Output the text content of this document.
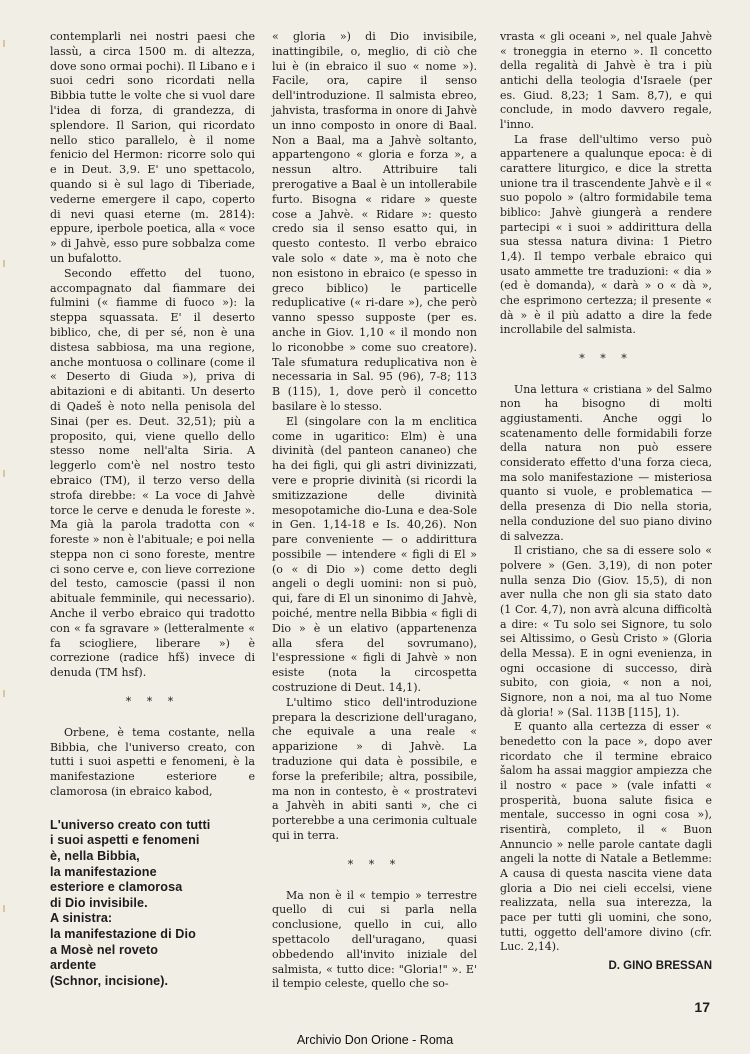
contemplarli nei nostri paesi che lassù, a circa 1500 m. di altezza, dove sono ormai pochi). Il Libano e i suoi cedri sono ricordati nella Bibbia tutte le volte che si vuol dare l'idea di forza, di grandezza, di splendore. Il Sarion, qui ricordato nello stico parallelo, è il nome fenicio del Hermon: ricorre solo qui e in Deut. 3,9. E' uno spettacolo, quando si è sul lago di Tiberiade, vederne emergere il capo, coperto di nevi quasi eterne (m. 2814): eppure, iperbole poetica, alla « voce » di Jahvè, esso pure sobbalza come un bufalotto.

Secondo effetto del tuono, accompagnato dal fiammare dei fulmini (« fiamme di fuoco »): la steppa squassata. E' il deserto biblico, che, di per sé, non è una distesa sabbiosa, ma una regione, anche montuosa o collinare (come il « Deserto di Giuda »), priva di abitazioni e di abitanti. Un deserto di Qadeš è noto nella penisola del Sinai (per es. Deut. 32,51); più a proposito, qui, viene quello dello stesso nome nell'alta Siria. A leggerlo com'è nel nostro testo ebraico (TM), il terzo verso della strofa direbbe: « La voce di Jahvè torce le cerve e denuda le foreste ». Ma già la parola tradotta con « foreste » non è l'abituale; e poi nella steppa non ci sono foreste, mentre ci sono cerve e, con lieve correzione del testo, camoscie (passi il non abituale femminile, qui necessario). Anche il verbo ebraico qui tradotto con « fa sgravare » (letteralmente « fa sciogliere, liberare ») è correzione (radice hfš) invece di denuda (TM hsf).

* * *

Orbene, è tema costante, nella Bibbia, che l'universo creato, con tutti i suoi aspetti e fenomeni, è la manifestazione esteriore e clamorosa (in ebraico kabod,

L'universo creato con tutti
i suoi aspetti e fenomeni
è, nella Bibbia,
la manifestazione
esteriore e clamorosa
di Dio invisibile.
A sinistra:
la manifestazione di Dio
a Mosè nel roveto
ardente
(Schnor, incisione).

« gloria ») di Dio invisibile, inattingibile, o, meglio, di ciò che lui è (in ebraico il suo « nome »). Facile, ora, capire il senso dell'introduzione. Il salmista ebreo, jahvista, trasforma in onore di Jahvè un inno composto in onore di Baal. Non a Baal, ma a Jahvè soltanto, appartengono « gloria e forza », a nessun altro. Attribuire tali prerogative a Baal è un intollerabile furto. Bisogna « ridare » queste cose a Jahvè. « Ridare »: questo credo sia il senso esatto qui, in questo contesto. Il verbo ebraico vale solo « date », ma è noto che non esistono in ebraico (e spesso in greco biblico) le particelle reduplicative (« ri-dare »), che però vanno spesso supposte (per es. anche in Giov. 1,10 « il mondo non lo riconobbe » come suo creatore). Tale sfumatura reduplicativa non è necessaria in Sal. 95 (96), 7-8; 113 B (115), 1, dove però il concetto basilare è lo stesso.

El (singolare con la m enclitica come in ugaritico: Elm) è una divinità (del panteon cananeo) che ha dei figli, qui gli astri divinizzati, vere e proprie divinità (si ricordi la smitizzazione delle divinità mesopotamiche dio-Luna e dea-Sole in Gen. 1,14-18 e Is. 40,26). Non pare conveniente — o addirittura possibile — intendere « figli di El » (o « di Dio ») come detto degli angeli o degli uomini: non si può, qui, fare di El un sinonimo di Jahvè, poiché, mentre nella Bibbia « figli di Dio » è un elativo (appartenenza alla sfera del sovrumano), l'espressione « figli di Jahvè » non esiste (nota la circospetta costruzione di Deut. 14,1).

L'ultimo stico dell'introduzione prepara la descrizione dell'uragano, che equivale a una reale « apparizione » di Jahvè. La traduzione qui data è possibile, e forse la preferibile; altra, possibile, ma non in contesto, è « prostratevi a Jahvèh in abiti santi », che ci porterebbe a una cerimonia cultuale qui in terra.

* * *

Ma non è il « tempio » terrestre quello di cui si parla nella conclusione, quello in cui, allo spettacolo dell'uragano, quasi obbedendo all'invito iniziale del salmista, « tutto dice: "Gloria!" ». E' il tempio celeste, quello che so-

vrasta « gli oceani », nel quale Jahvè « troneggia in eterno ». Il concetto della regalità di Jahvè è tra i più antichi della teologia d'Israele (per es. Giud. 8,23; 1 Sam. 8,7), e qui conclude, in modo davvero regale, l'inno.

La frase dell'ultimo verso può appartenere a qualunque epoca: è di carattere liturgico, e dice la stretta unione tra il trascendente Jahvè e il « suo popolo » (altro formidabile tema biblico: Jahvè giungerà a rendere partecipi « i suoi » addirittura della sua stessa natura divina: 1 Pietro 1,4). Il tempo verbale ebraico qui usato ammette tre traduzioni: « dia » (ed è domanda), « darà » o « dà », che esprimono certezza; il presente « dà » è il più adatto a dire la fede incrollabile del salmista.

* * *

Una lettura « cristiana » del Salmo non ha bisogno di molti aggiustamenti. Anche oggi lo scatenamento delle formidabili forze della natura non può essere considerato effetto d'una forza cieca, ma solo manifestazione — misteriosa quanto si vuole, e problematica — della presenza di Dio nella storia, nella conduzione del suo piano divino di salvezza.

Il cristiano, che sa di essere solo « polvere » (Gen. 3,19), di non poter nulla senza Dio (Giov. 15,5), di non aver nulla che non gli sia stato dato (1 Cor. 4,7), non avrà alcuna difficoltà a dire: « Tu solo sei Signore, tu solo sei Altissimo, o Gesù Cristo » (Gloria della Messa). E in ogni evenienza, in ogni occasione di successo, dirà subito, con gioia, « non a noi, Signore, non a noi, ma al tuo Nome dà gloria! » (Sal. 113B [115], 1).

E quanto alla certezza di esser « benedetto con la pace », dopo aver ricordato che il termine ebraico šalom ha assai maggior ampiezza che il nostro « pace » (vale infatti « prosperità, buona salute fisica e mentale, successo in ogni cosa »), risentirà, completo, il « Buon Annuncio » nelle parole cantate dagli angeli la notte di Natale a Betlemme: A causa di questa nascita viene data gloria a Dio nei cieli eccelsi, viene realizzata, nella sua interezza, la pace per tutti gli uomini, che sono, tutti, oggetto dell'amore divino (cfr. Luc. 2,14).

D. GINO BRESSAN

17
Archivio Don Orione - Roma
